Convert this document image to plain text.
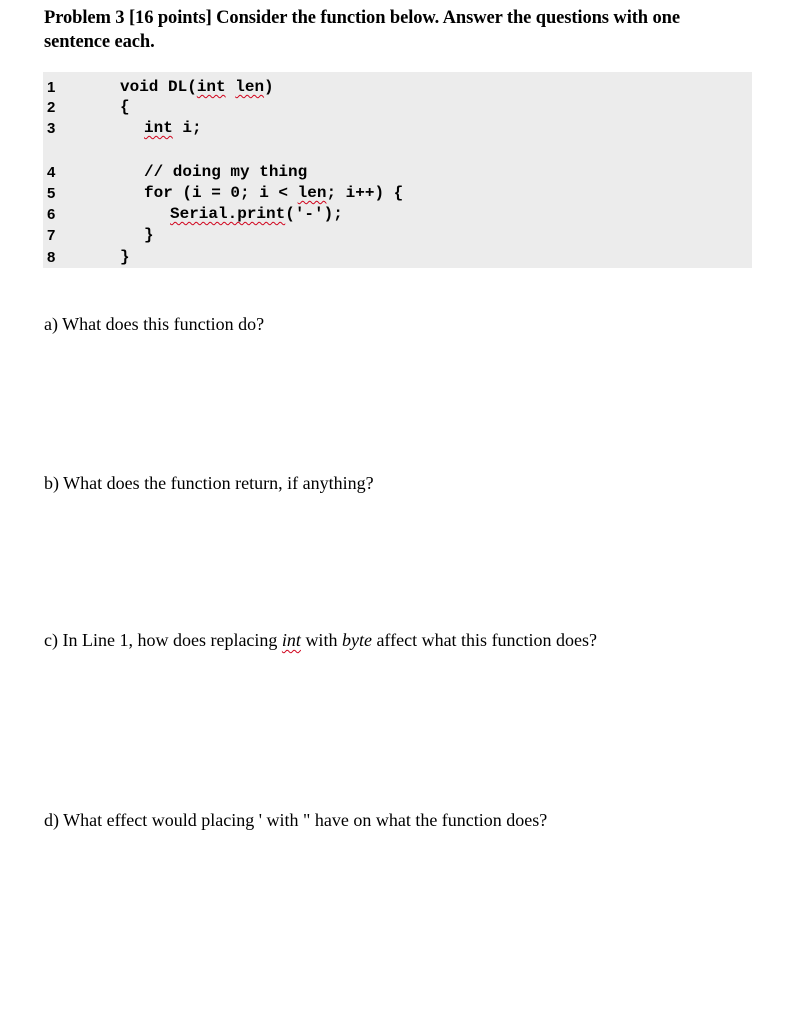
Problem 3 [16 points] Consider the function below. Answer the questions with one
sentence each.

1

	void DL(int len)

2

	{

3

	int i;

4

	// doing my thing

5

	for (i = 0; i < len; i++) {

6

	Serial.print('-');

7

	}

8

	}

a) What does this function do?
b) What does the function return, if anything?
c) In Line 1, how does replacing int with byte affect what this function does?
d) What effect would placing ' with " have on what the function does?
